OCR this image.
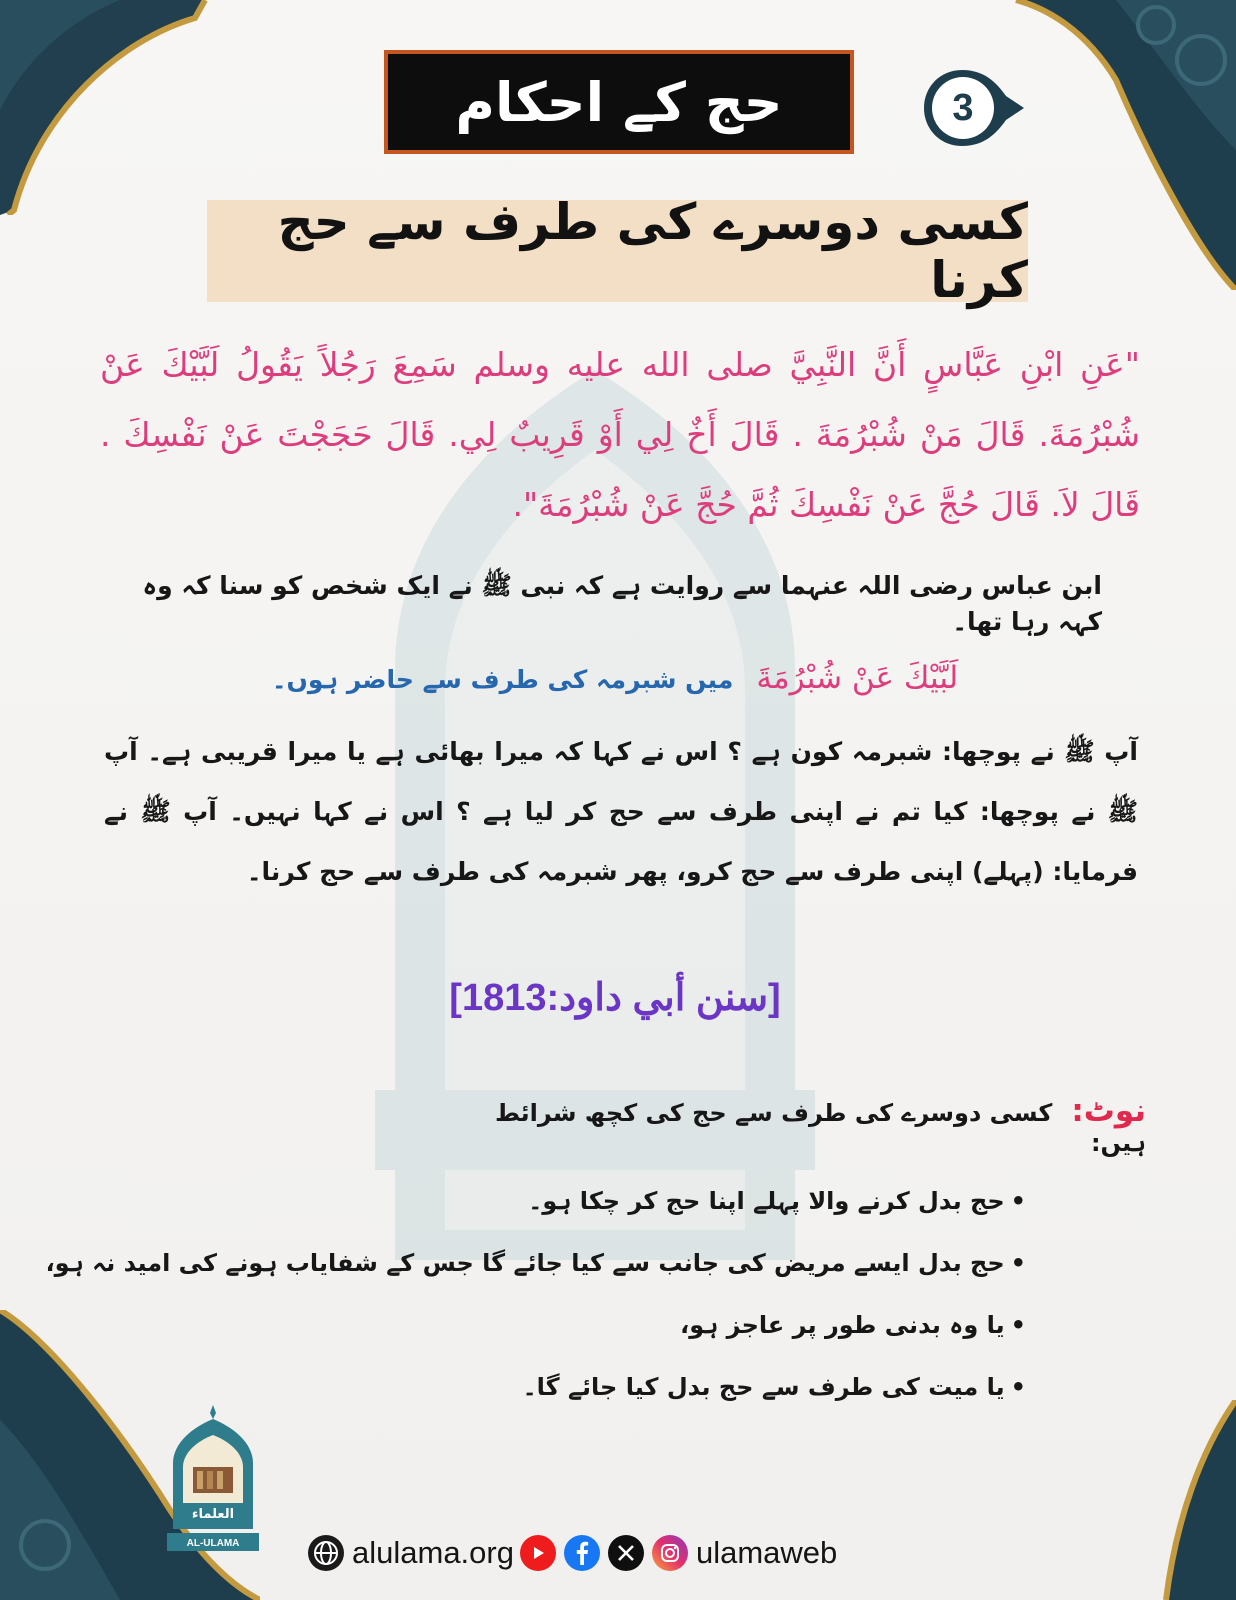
حج کے احکام	3
کسی دوسرے کی طرف سے حج کرنا
"عَنِ ابْنِ عَبَّاسٍ أَنَّ النَّبِيَّ صلى الله عليه وسلم سَمِعَ رَجُلاً يَقُولُ لَبَّيْكَ عَنْ شُبْرُمَةَ. قَالَ مَنْ شُبْرُمَةَ . قَالَ أَخٌ لِي أَوْ قَرِيبٌ لِي. قَالَ حَجَجْتَ عَنْ نَفْسِكَ . قَالَ لاَ. قَالَ حُجَّ عَنْ نَفْسِكَ ثُمَّ حُجَّ عَنْ شُبْرُمَةَ".
ابن عباس رضی اللہ عنہما سے روایت ہے کہ نبی ﷺ نے ایک شخص کو سنا کہ وہ کہہ رہا تھا۔
لَبَّيْكَ عَنْ شُبْرُمَةَ میں شبرمہ کی طرف سے حاضر ہوں۔
آپ ﷺ نے پوچھا: شبرمہ کون ہے ؟ اس نے کہا کہ میرا بھائی ہے یا میرا قریبی ہے۔ آپ ﷺ نے پوچھا: کیا تم نے اپنی طرف سے حج کر لیا ہے ؟ اس نے کہا نہیں۔ آپ ﷺ نے فرمایا: (پہلے) اپنی طرف سے حج کرو، پھر شبرمہ کی طرف سے حج کرنا۔
[سنن أبي داود:1813]
نوٹ: کسی دوسرے کی طرف سے حج کی کچھ شرائط ہیں:
•حج بدل کرنے والا پہلے اپنا حج کر چکا ہو۔
•حج بدل ایسے مریض کی جانب سے کیا جائے گا جس کے شفایاب ہونے کی امید نہ ہو،
•یا وہ بدنی طور پر عاجز ہو،
•یا میت کی طرف سے حج بدل کیا جائے گا۔
العلماء
AL-ULAMA	alulama.org	ulamaweb
